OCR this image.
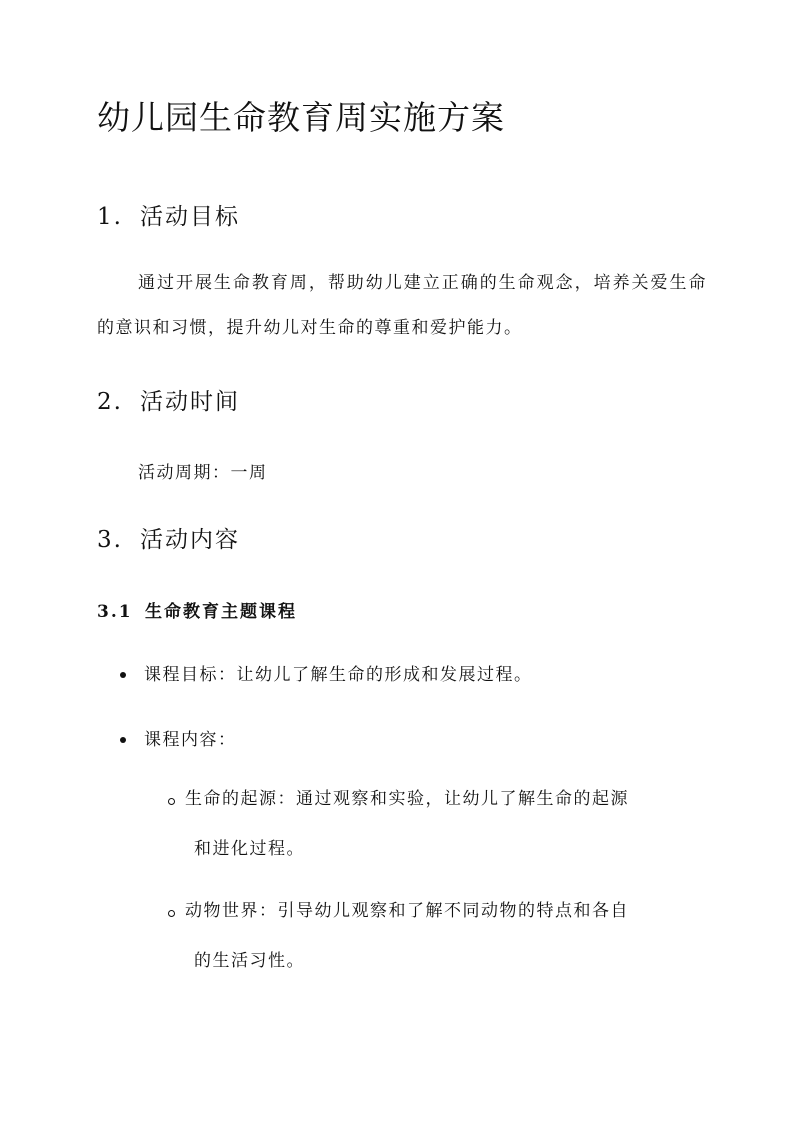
幼儿园生命教育周实施方案
1. 活动目标

通过开展生命教育周，帮助幼儿建立正确的生命观念，培养关爱生命的意识和习惯，提升幼儿对生命的尊重和爱护能力。

2. 活动时间

活动周期：一周

3. 活动内容
3.1 生命教育主题课程

课程目标：让幼儿了解生命的形成和发展过程。

课程内容：

生命的起源：通过观察和实验，让幼儿了解生命的起源
和进化过程。
动物世界：引导幼儿观察和了解不同动物的特点和各自
的生活习性。
